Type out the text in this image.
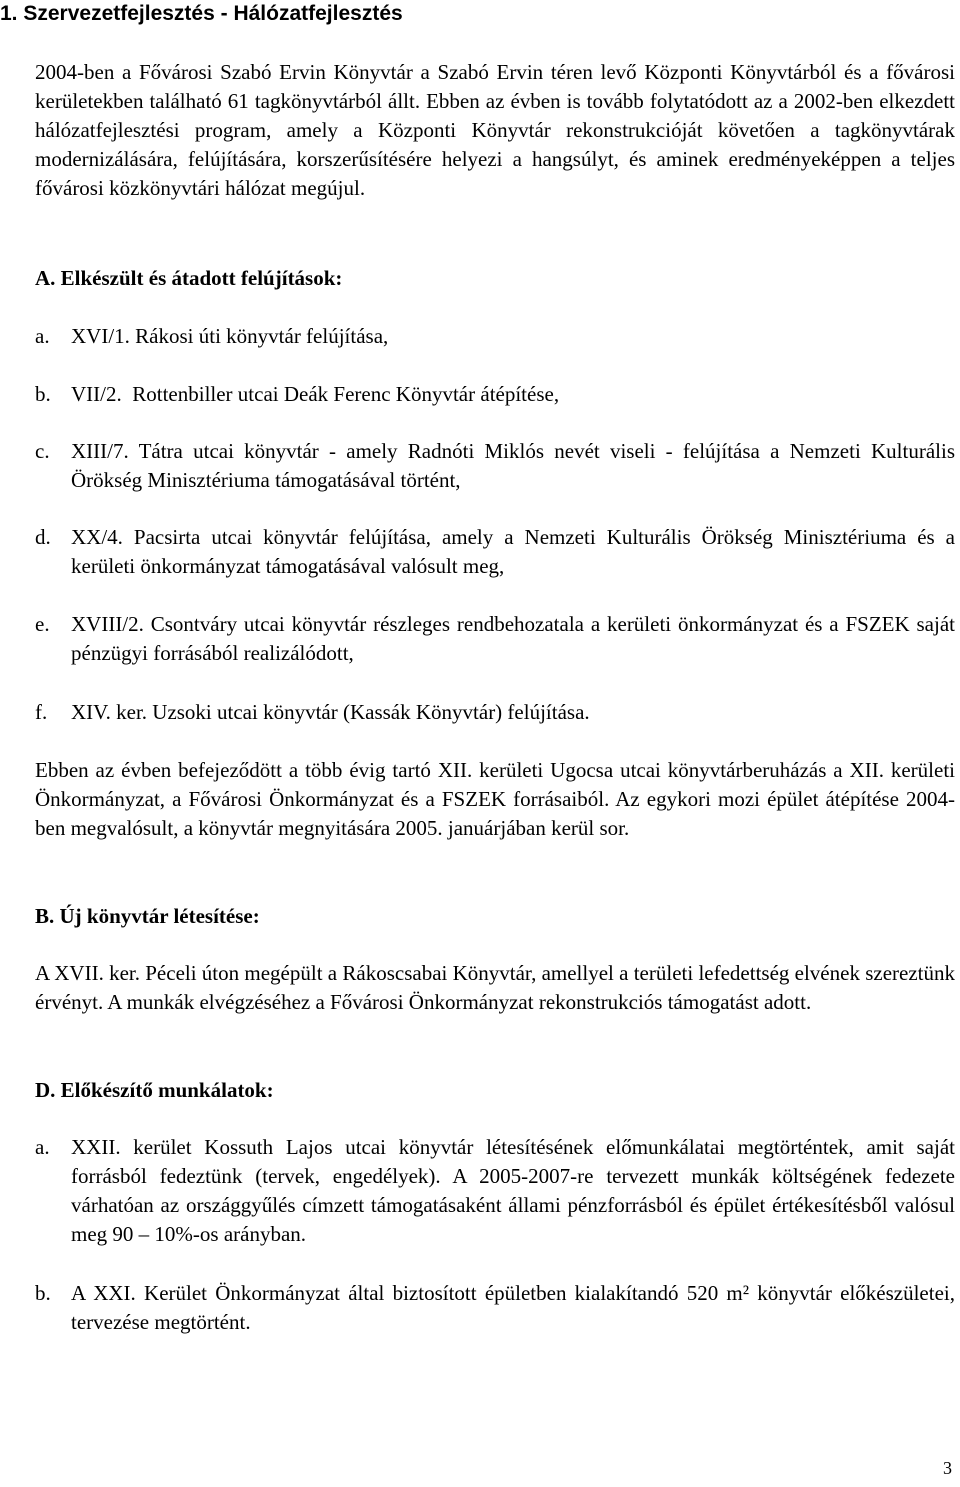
1. Szervezetfejlesztés - Hálózatfejlesztés
2004-ben a Fővárosi Szabó Ervin Könyvtár a Szabó Ervin téren levő Központi Könyvtárból és a fővárosi kerületekben található 61 tagkönyvtárból állt. Ebben az évben is tovább folytatódott az a 2002-ben elkezdett hálózatfejlesztési program, amely a Központi Könyvtár rekonstrukcióját követően a tagkönyvtárak modernizálására, felújítására, korszerűsítésére helyezi a hangsúlyt, és aminek eredményeképpen a teljes fővárosi közkönyvtári hálózat megújul.
A. Elkészült és átadott felújítások:
a.	XVI/1. Rákosi úti könyvtár felújítása,
b. VII/2.  Rottenbiller utcai Deák Ferenc Könyvtár átépítése,
c.	XIII/7. Tátra utcai könyvtár - amely Radnóti Miklós nevét viseli - felújítása a Nemzeti Kulturális Örökség Minisztériuma támogatásával történt,
d. XX/4. Pacsirta utcai könyvtár felújítása, amely a Nemzeti Kulturális Örökség Minisztériuma és a kerületi önkormányzat támogatásával valósult meg,
e.	XVIII/2. Csontváry utcai könyvtár részleges rendbehozatala a kerületi önkormányzat és a FSZEK saját pénzügyi forrásából realizálódott,
f.	XIV. ker. Uzsoki utcai könyvtár (Kassák Könyvtár) felújítása.
Ebben az évben befejeződött a több évig tartó XII. kerületi Ugocsa utcai könyvtárberuházás a XII. kerületi Önkormányzat, a Fővárosi Önkormányzat és a FSZEK forrásaiból. Az egykori mozi épület átépítése 2004-ben megvalósult, a könyvtár megnyitására 2005. januárjában kerül sor.
B. Új könyvtár létesítése:
A XVII. ker. Péceli úton megépült a Rákoscsabai Könyvtár, amellyel a területi lefedettség elvének szereztünk érvényt. A munkák elvégzéséhez a Fővárosi Önkormányzat rekonstrukciós támogatást adott.
D. Előkészítő munkálatok:
a.	XXII. kerület Kossuth Lajos utcai könyvtár létesítésének előmunkálatai megtörténtek, amit saját forrásból fedeztünk (tervek, engedélyek). A 2005-2007-re tervezett munkák költségének fedezete várhatóan az országgyűlés címzett támogatásaként állami pénzforrásból és épület értékesítésből valósul meg 90 – 10%-os arányban.
b. A XXI. Kerület Önkormányzat által biztosított épületben kialakítandó 520 m² könyvtár előkészületei, tervezése megtörtént.
3
